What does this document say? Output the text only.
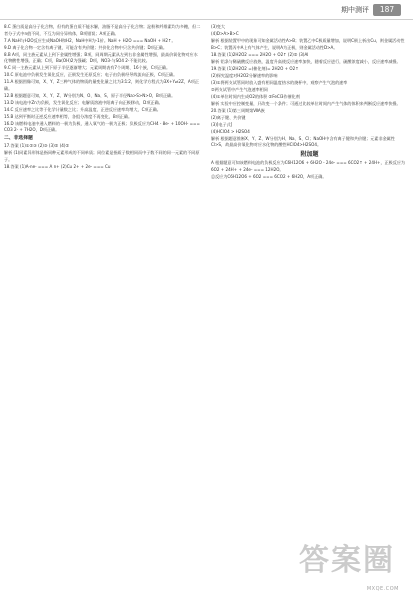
期中测评	187

8.C 蛋白质是高分子化合物，但有的蛋白质不能水解，油脂不是高分子化合物；淀粉和纤维素均为多糖，但二者分子式中n值不同，不互为同分异构体，B项错误；A项正确。

7.A NaH与H2O反应生成NaOH和H2，NaH中H为-1价。NaH + H2O === NaOH + H2↑。

9.D 离子化合物一定含有离子键，可能含有共价键；共价化合物中只含共价键；D项正确。

8.B A项，同主族元素从上到下金属性增强；B项，同周期元素从左到右非金属性增强，最高价氧化物对应水化物酸性增强，正确；C项，Ba(OH)2为强碱；D项，NO3-与SO4 2-不能比较。

9.C 同一主族元素从上到下原子半径逐渐增大；元素周期表有7个周期、16个族，C项正确。

10.C 原电池中负极发生氧化反应，正极发生还原反应；电子由负极经导线流向正极，C项正确。

11.A 根据图像可知，X、Y、Z三种气体的物质的量变化量之比为3∶1∶2，则化学方程式为3X+Y⇌2Z，A项正确。

12.B 根据题意可知，X、Y、Z、W分别为N、O、Na、S，原子半径Na>S>N>O，B项正确。

13.D 该电池中Zn为负极，发生氧化反应；电解质溶液中阳离子向正极移动，D项正确。

14.C 反应速率之比等于化学计量数之比；升高温度，正逆反应速率均增大，C项正确。

15.B 达到平衡时正逆反应速率相等，各组分浓度不再变化，B项正确。

16.D 该燃料电池中通入燃料的一极为负极，通入氧气的一极为正极；负极反应为CH4 - 8e- + 10OH- === CO3 2- + 7H2O，D项正确。

二、非选择题

17.答案 (1)①②③ (2)③ (3)② (4)②

解析 (1)同素异形体是指同种元素形成的不同单质；同位素是指质子数相同而中子数不同的同一元素的不同原子。

18.答案 (1)A-ne- === A n+ (2)Cu 2+ + 2e- === Cu

(3)变大

(4)D>A>B>C

解析 根据装置甲中的现象可知金属活动性A>B；装置乙中C极质量增加，说明C极上析出Cu，则金属活动性B>C；装置丙中A上有气体产生，说明A为正极，则金属活动性D>A。

18.答案 (1)2H2O2 === 2H2O + O2↑ (2)② (3)Al

解析 铝条与稀硫酸反应放热，温度升高使反应速率加快，随着反应进行，硫酸浓度减小，反应速率减慢。

19.答案 (1)2H2O2 =(催化剂)= 2H2O + O2↑

(2)探究温度对H2O2分解速率的影响

(3)①将两支试管同时放入盛有相同温度热水的烧杯中，观察产生气泡的速率

②两支试管中产生气泡速率相同

(4)①单位时间内生成O2的体积 ②FeCl3作催化剂

解析 实验中应控制变量，只改变一个条件；可通过比较单位时间内产生气体的体积来判断反应速率快慢。

20.答案 (1)第三周期第ⅦA族

(2)离子键、共价键

(3)[电子式]

(4)HClO4 > H2SO4

解析 根据题意推断X、Y、Z、W分别为H、Na、S、Cl；NaOH中含有离子键和共价键；元素非金属性Cl>S，故最高价氧化物对应水化物的酸性HClO4>H2SO4。

附加题

A 根据题意可知该燃料电池的负极反应为C6H12O6 + 6H2O - 24e- === 6CO2↑ + 24H+，正极反应为6O2 + 24H+ + 24e- === 12H2O。

总反应为C6H12O6 + 6O2 === 6CO2 + 6H2O，A项正确。

答案圈
MXQE.COM
